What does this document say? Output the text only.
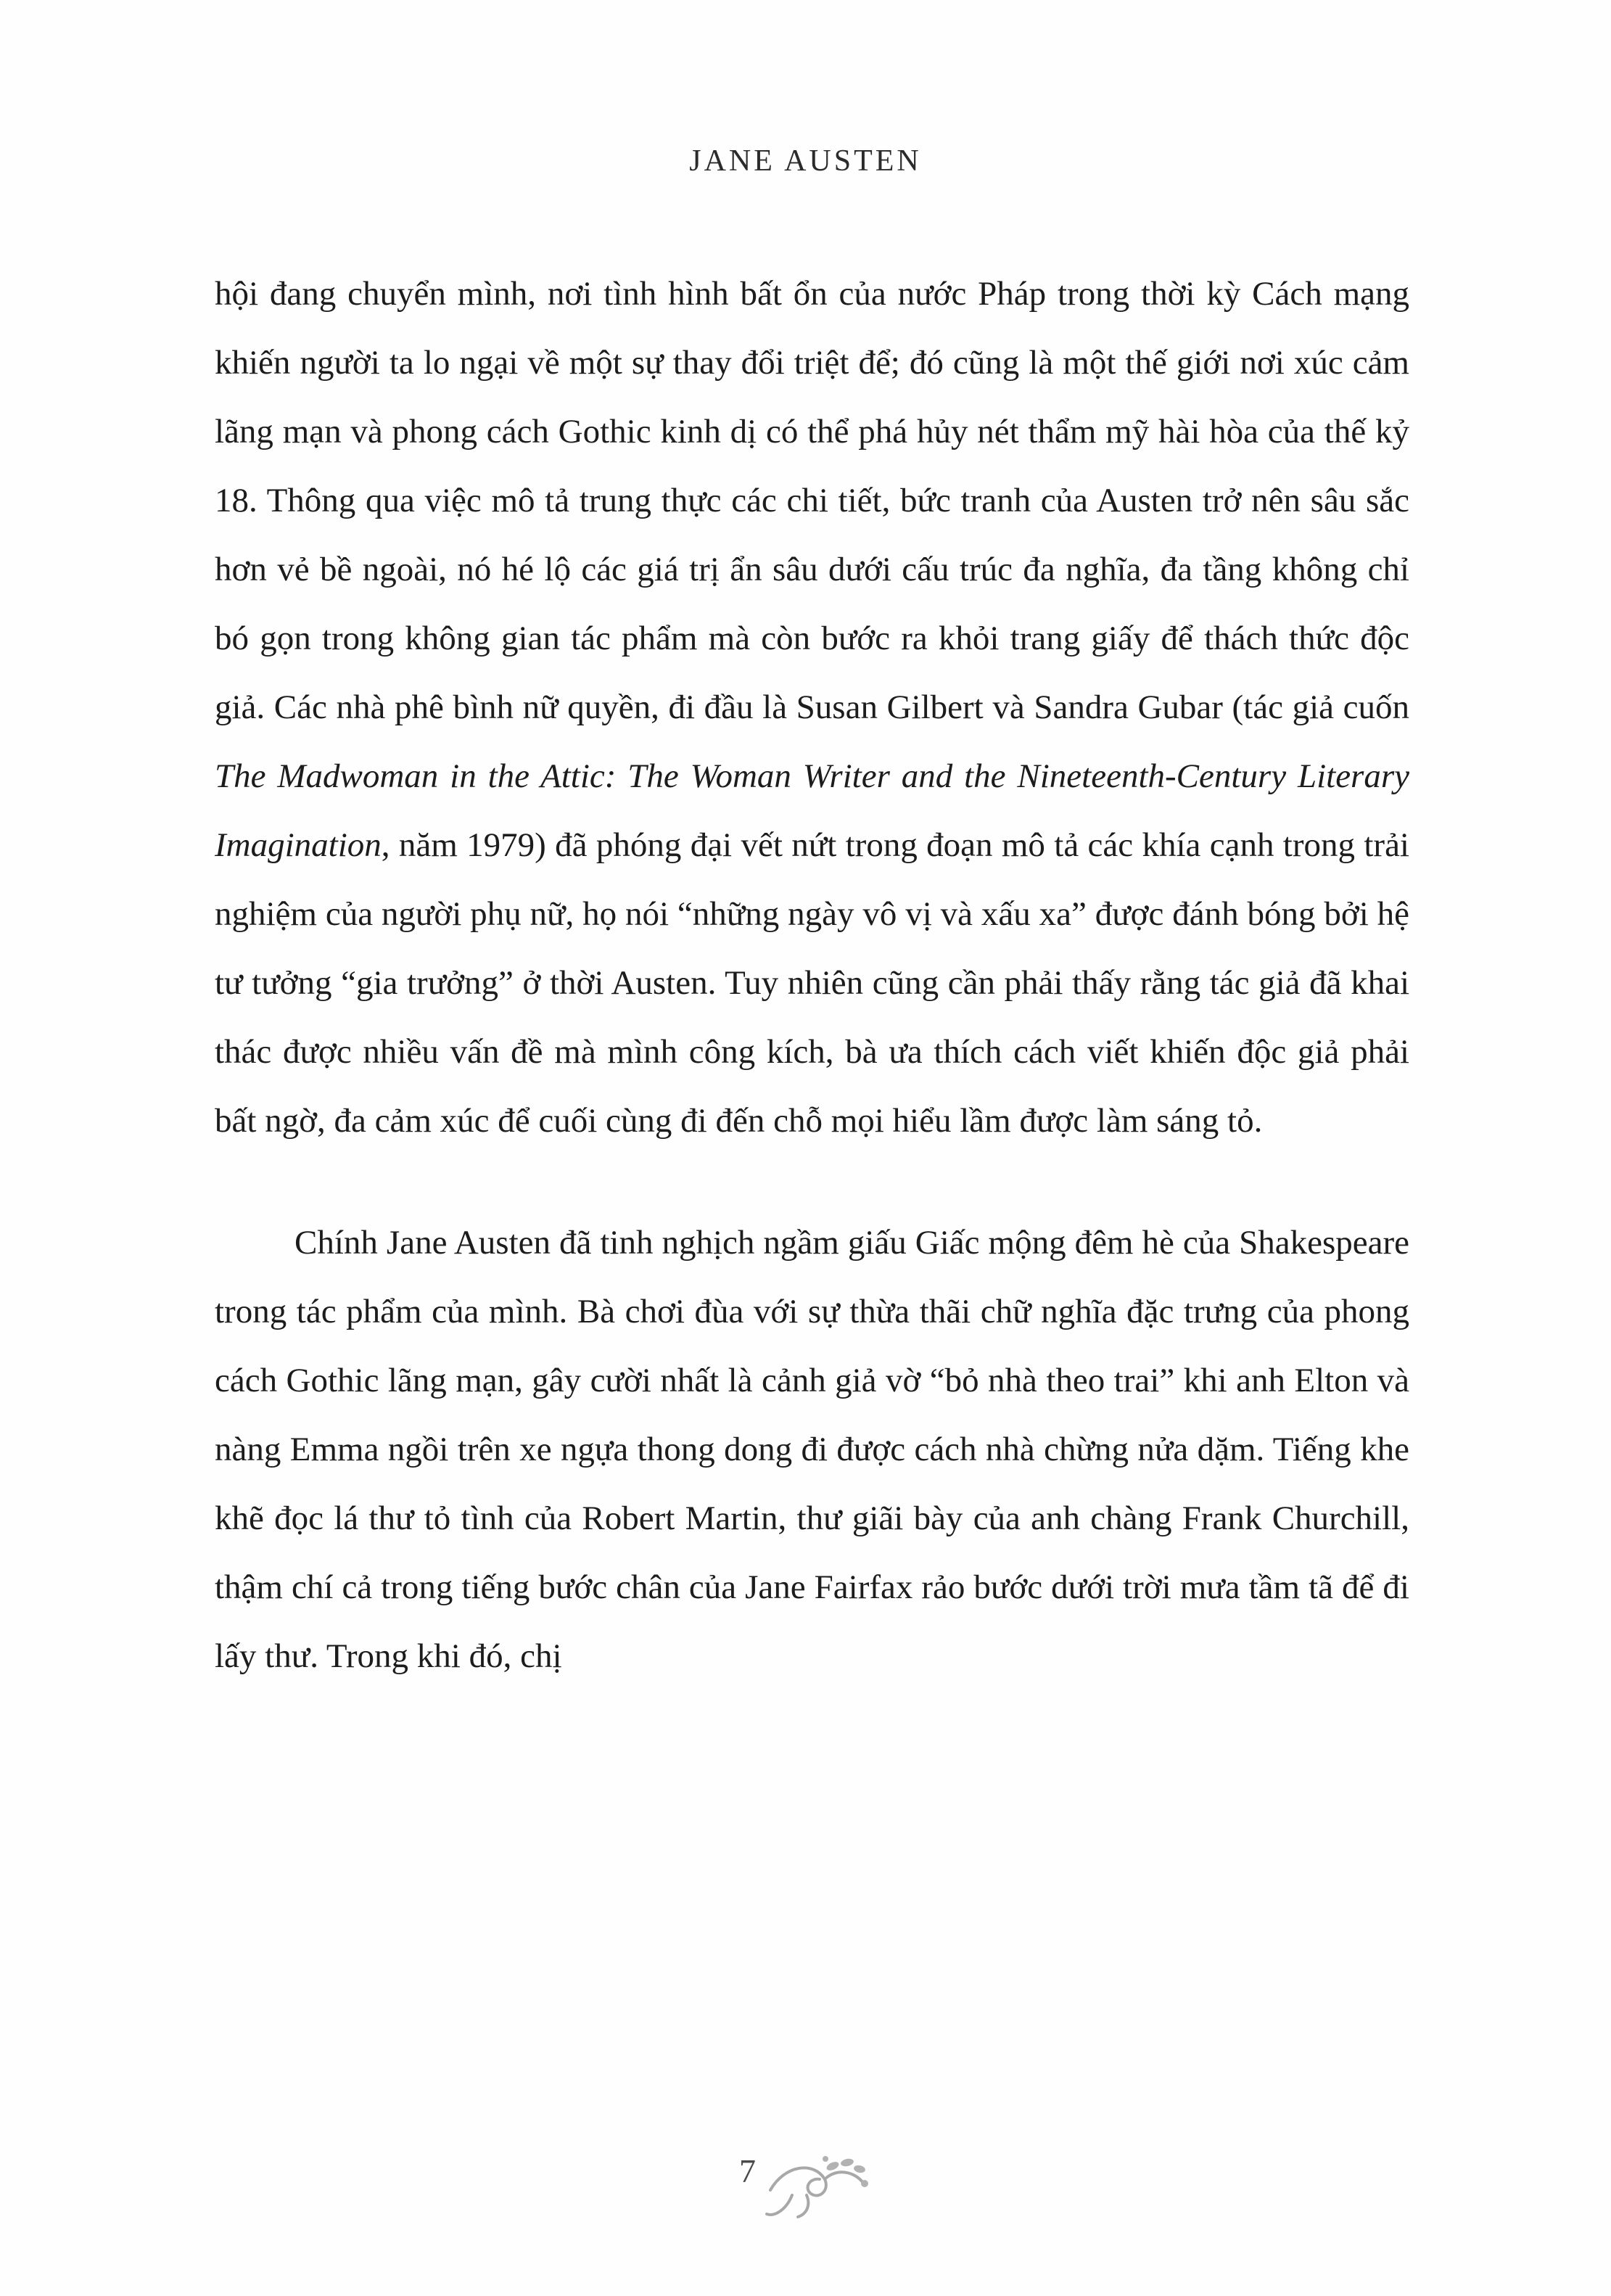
JANE AUSTEN

hội đang chuyển mình, nơi tình hình bất ổn của nước Pháp trong thời kỳ Cách mạng khiến người ta lo ngại về một sự thay đổi triệt để; đó cũng là một thế giới nơi xúc cảm lãng mạn và phong cách Gothic kinh dị có thể phá hủy nét thẩm mỹ hài hòa của thế kỷ 18. Thông qua việc mô tả trung thực các chi tiết, bức tranh của Austen trở nên sâu sắc hơn vẻ bề ngoài, nó hé lộ các giá trị ẩn sâu dưới cấu trúc đa nghĩa, đa tầng không chỉ bó gọn trong không gian tác phẩm mà còn bước ra khỏi trang giấy để thách thức độc giả. Các nhà phê bình nữ quyền, đi đầu là Susan Gilbert và Sandra Gubar (tác giả cuốn The Madwoman in the Attic: The Woman Writer and the Nineteenth-Century Literary Imagination, năm 1979) đã phóng đại vết nứt trong đoạn mô tả các khía cạnh trong trải nghiệm của người phụ nữ, họ nói “những ngày vô vị và xấu xa” được đánh bóng bởi hệ tư tưởng “gia trưởng” ở thời Austen. Tuy nhiên cũng cần phải thấy rằng tác giả đã khai thác được nhiều vấn đề mà mình công kích, bà ưa thích cách viết khiến độc giả phải bất ngờ, đa cảm xúc để cuối cùng đi đến chỗ mọi hiểu lầm được làm sáng tỏ.

Chính Jane Austen đã tinh nghịch ngầm giấu Giấc mộng đêm hè của Shakespeare trong tác phẩm của mình. Bà chơi đùa với sự thừa thãi chữ nghĩa đặc trưng của phong cách Gothic lãng mạn, gây cười nhất là cảnh giả vờ “bỏ nhà theo trai” khi anh Elton và nàng Emma ngồi trên xe ngựa thong dong đi được cách nhà chừng nửa dặm. Tiếng khe khẽ đọc lá thư tỏ tình của Robert Martin, thư giãi bày của anh chàng Frank Churchill, thậm chí cả trong tiếng bước chân của Jane Fairfax rảo bước dưới trời mưa tầm tã để đi lấy thư. Trong khi đó, chị

7
